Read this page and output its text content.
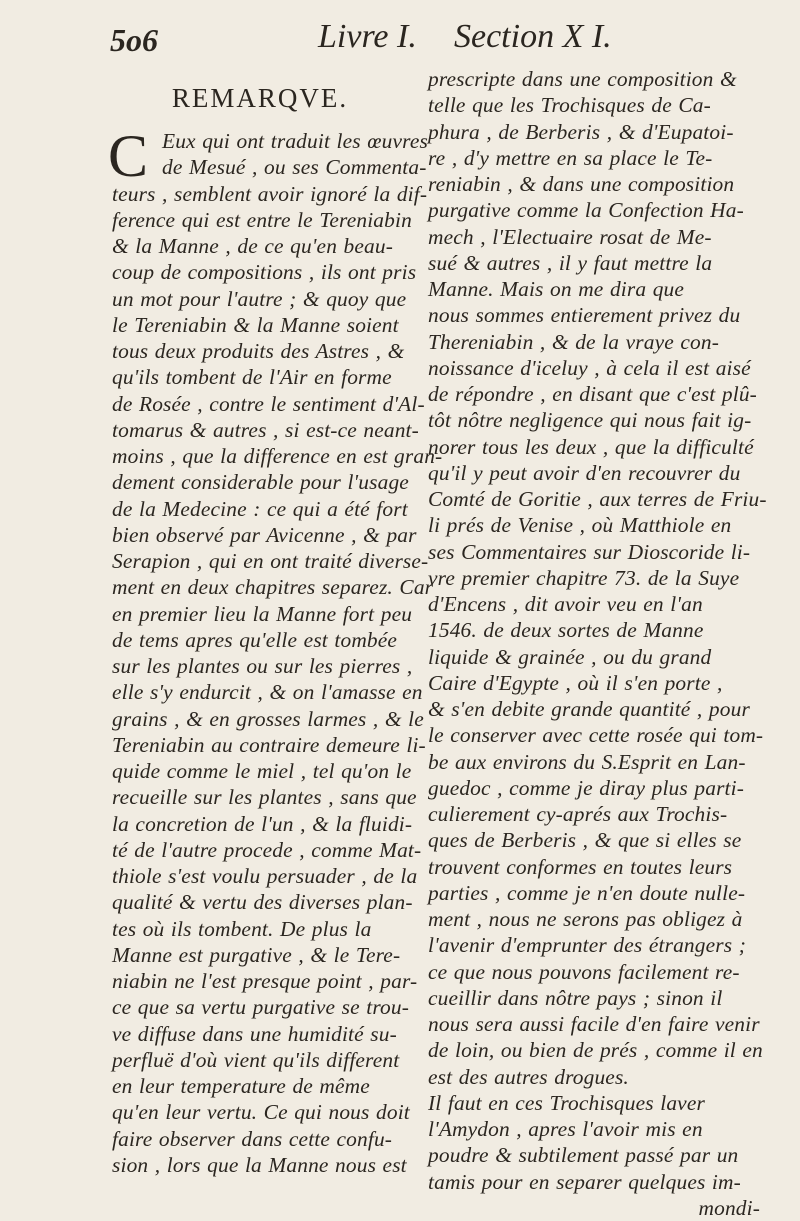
5o6	Livre I. Section X I.
REMARQVE.
C Eux qui ont traduit les œuvres
de Mesué , ou ses Commenta-
teurs , semblent avoir ignoré la dif-
ference qui est entre le Tereniabin
& la Manne , de ce qu'en beau-
coup de compositions , ils ont pris
un mot pour l'autre ; & quoy que
le Tereniabin & la Manne soient
tous deux produits des Astres , &
qu'ils tombent de l'Air en forme
de Rosée , contre le sentiment d'Al-
tomarus & autres , si est-ce neant-
moins , que la difference en est gran-
dement considerable pour l'usage
de la Medecine : ce qui a été fort
bien observé par Avicenne , & par
Serapion , qui en ont traité diverse-
ment en deux chapitres separez. Car
en premier lieu la Manne fort peu
de tems apres qu'elle est tombée
sur les plantes ou sur les pierres ,
elle s'y endurcit , & on l'amasse en
grains , & en grosses larmes , & le
Tereniabin au contraire demeure li-
quide comme le miel , tel qu'on le
recueille sur les plantes , sans que
la concretion de l'un , & la fluidi-
té de l'autre procede , comme Mat-
thiole s'est voulu persuader , de la
qualité & vertu des diverses plan-
tes où ils tombent. De plus la
Manne est purgative , & le Tere-
niabin ne l'est presque point , par-
ce que sa vertu purgative se trou-
ve diffuse dans une humidité su-
perfluë d'où vient qu'ils different
en leur temperature de même
qu'en leur vertu. Ce qui nous doit
faire observer dans cette confu-
sion , lors que la Manne nous est
prescripte dans une composition &
telle que les Trochisques de Ca-
phura , de Berberis , & d'Eupatoi-
re , d'y mettre en sa place le Te-
reniabin , & dans une composition
purgative comme la Confection Ha-
mech , l'Electuaire rosat de Me-
sué & autres , il y faut mettre la
Manne. Mais on me dira que
nous sommes entierement privez du
Thereniabin , & de la vraye con-
noissance d'iceluy , à cela il est aisé
de répondre , en disant que c'est plû-
tôt nôtre negligence qui nous fait ig-
norer tous les deux , que la difficulté
qu'il y peut avoir d'en recouvrer du
Comté de Goritie , aux terres de Friu-
li prés de Venise , où Matthiole en
ses Commentaires sur Dioscoride li-
vre premier chapitre 73. de la Suye
d'Encens , dit avoir veu en l'an
1546. de deux sortes de Manne
liquide & grainée , ou du grand
Caire d'Egypte , où il s'en porte ,
& s'en debite grande quantité , pour
le conserver avec cette rosée qui tom-
be aux environs du S.Esprit en Lan-
guedoc , comme je diray plus parti-
culierement cy-aprés aux Trochis-
ques de Berberis , & que si elles se
trouvent conformes en toutes leurs
parties , comme je n'en doute nulle-
ment , nous ne serons pas obligez à
l'avenir d'emprunter des étrangers ;
ce que nous pouvons facilement re-
cueillir dans nôtre pays ; sinon il
nous sera aussi facile d'en faire venir
de loin, ou bien de prés , comme il en
est des autres drogues.
Il faut en ces Trochisques laver
l'Amydon , apres l'avoir mis en
poudre & subtilement passé par un
tamis pour en separer quelques im-
mondi-
